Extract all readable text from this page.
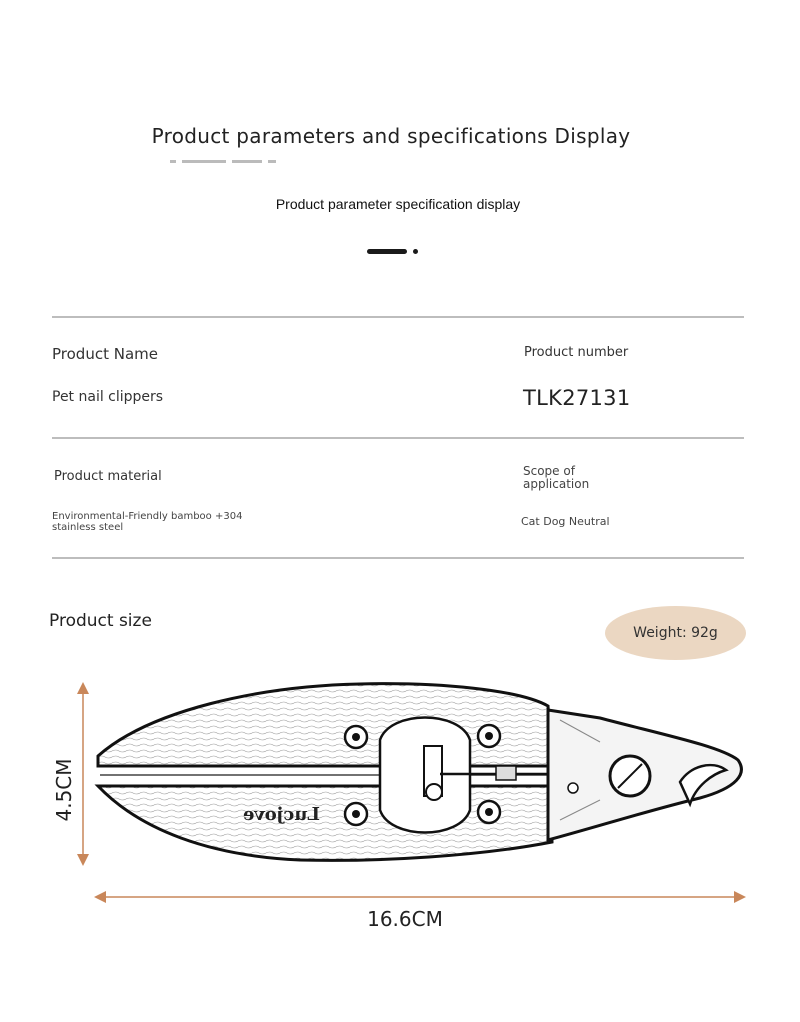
Product parameters and specifications Display
Product parameter specification display
Product Name
Pet nail clippers
Product number
TLK27131
Product material
Environmental-Friendly bamboo +304
stainless steel
Scope of
application
Cat Dog Neutral
Product size
Weight: 92g
Lucjove
4.5CM
16.6CM
